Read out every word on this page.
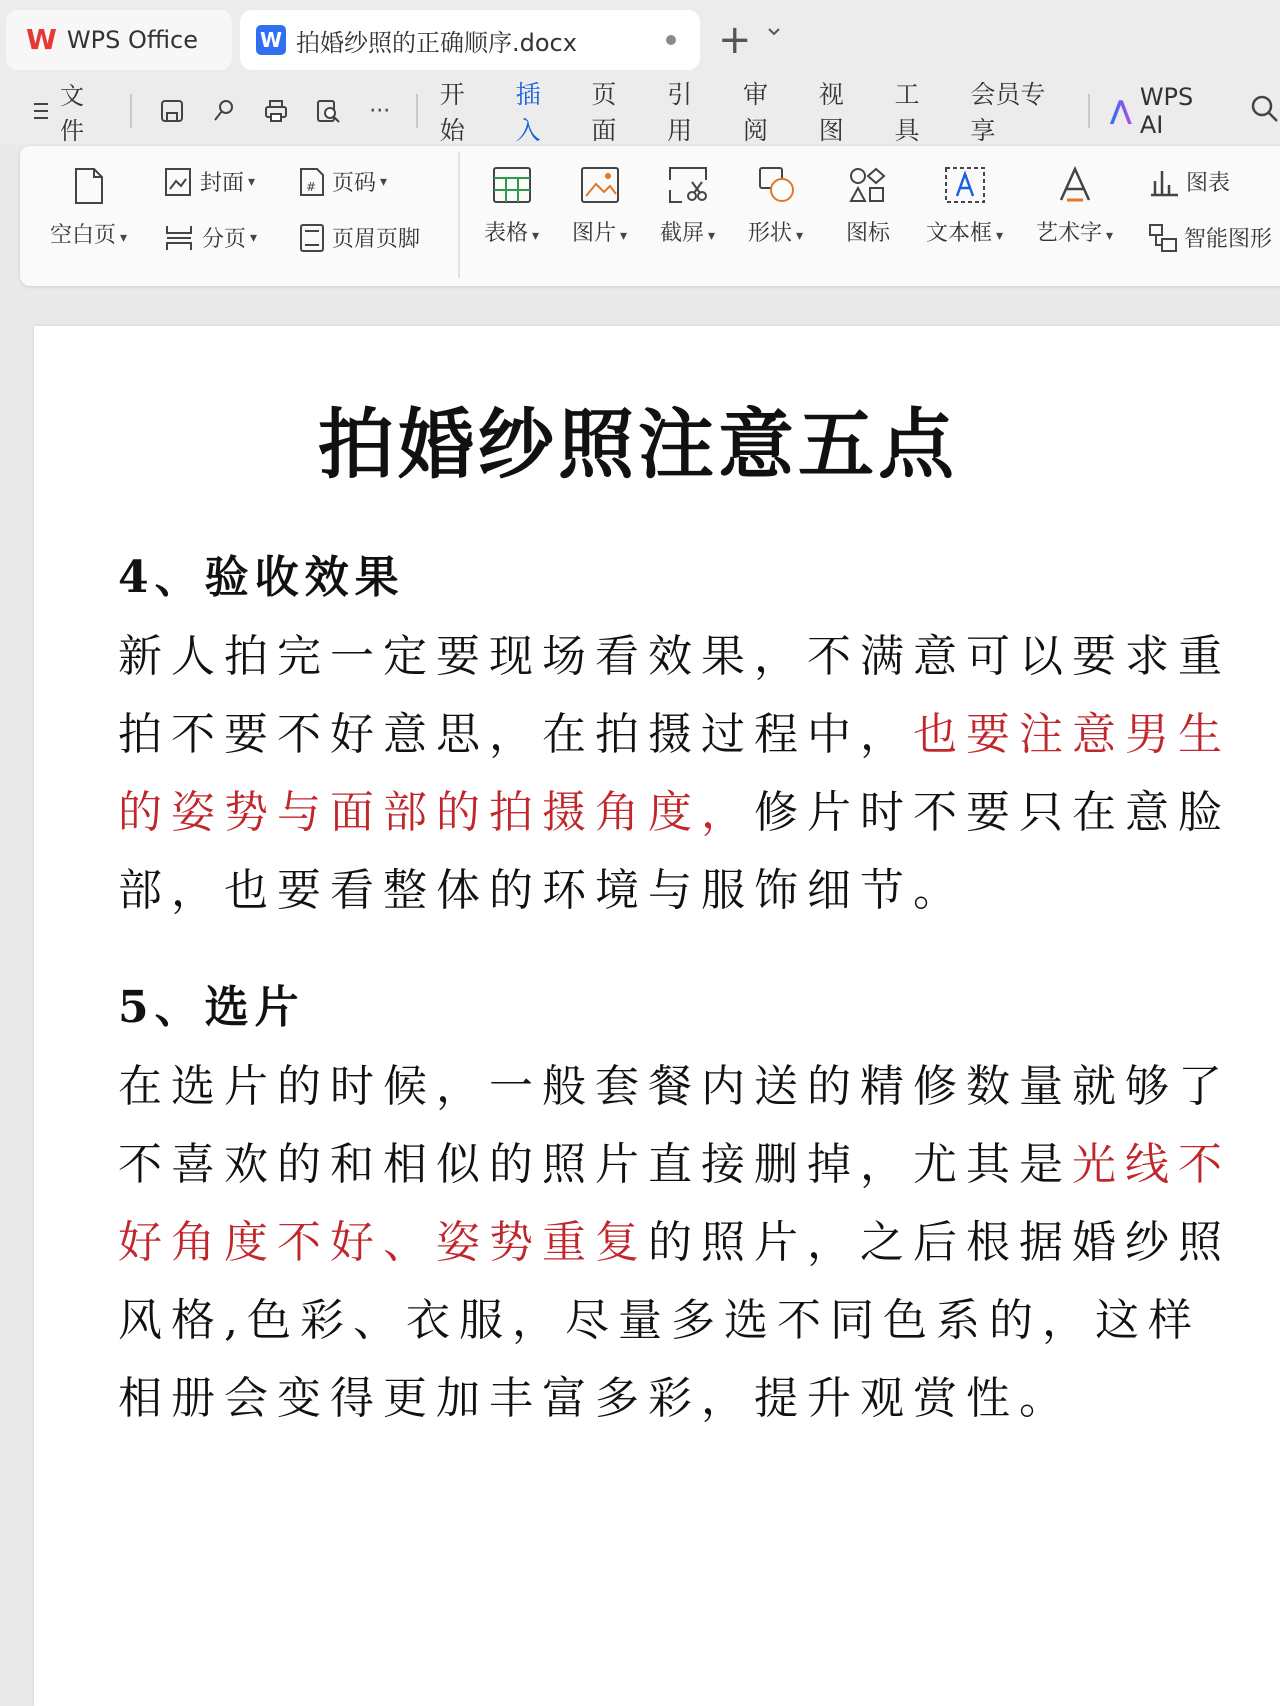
W WPS Office	W 拍婚纱照的正确顺序.docx	+
文件
···
开始
插入
页面
引用
审阅
视图
工具
会员专享
⋀ WPS AI
空白页 ▾
封面 ▾
分页 ▾
# 页码 ▾
页眉页脚	表格 ▾ 图片 ▾ 截屏 ▾ 形状 ▾ 图标 文本框 ▾ 艺术字 ▾
图表
智能图形
拍婚纱照注意五点
4、验收效果

新人拍完一定要现场看效果，不满意可以要求重拍不要不好意思，在拍摄过程中，也要注意男生的姿势与面部的拍摄角度，修片时不要只在意脸部，也要看整体的环境与服饰细节。

5、选片

在选片的时候，一般套餐内送的精修数量就够了不喜欢的和相似的照片直接删掉，尤其是光线不好角度不好、姿势重复的照片，之后根据婚纱照风格,色彩、衣服，尽量多选不同色系的，这样相册会变得更加丰富多彩，提升观赏性。
